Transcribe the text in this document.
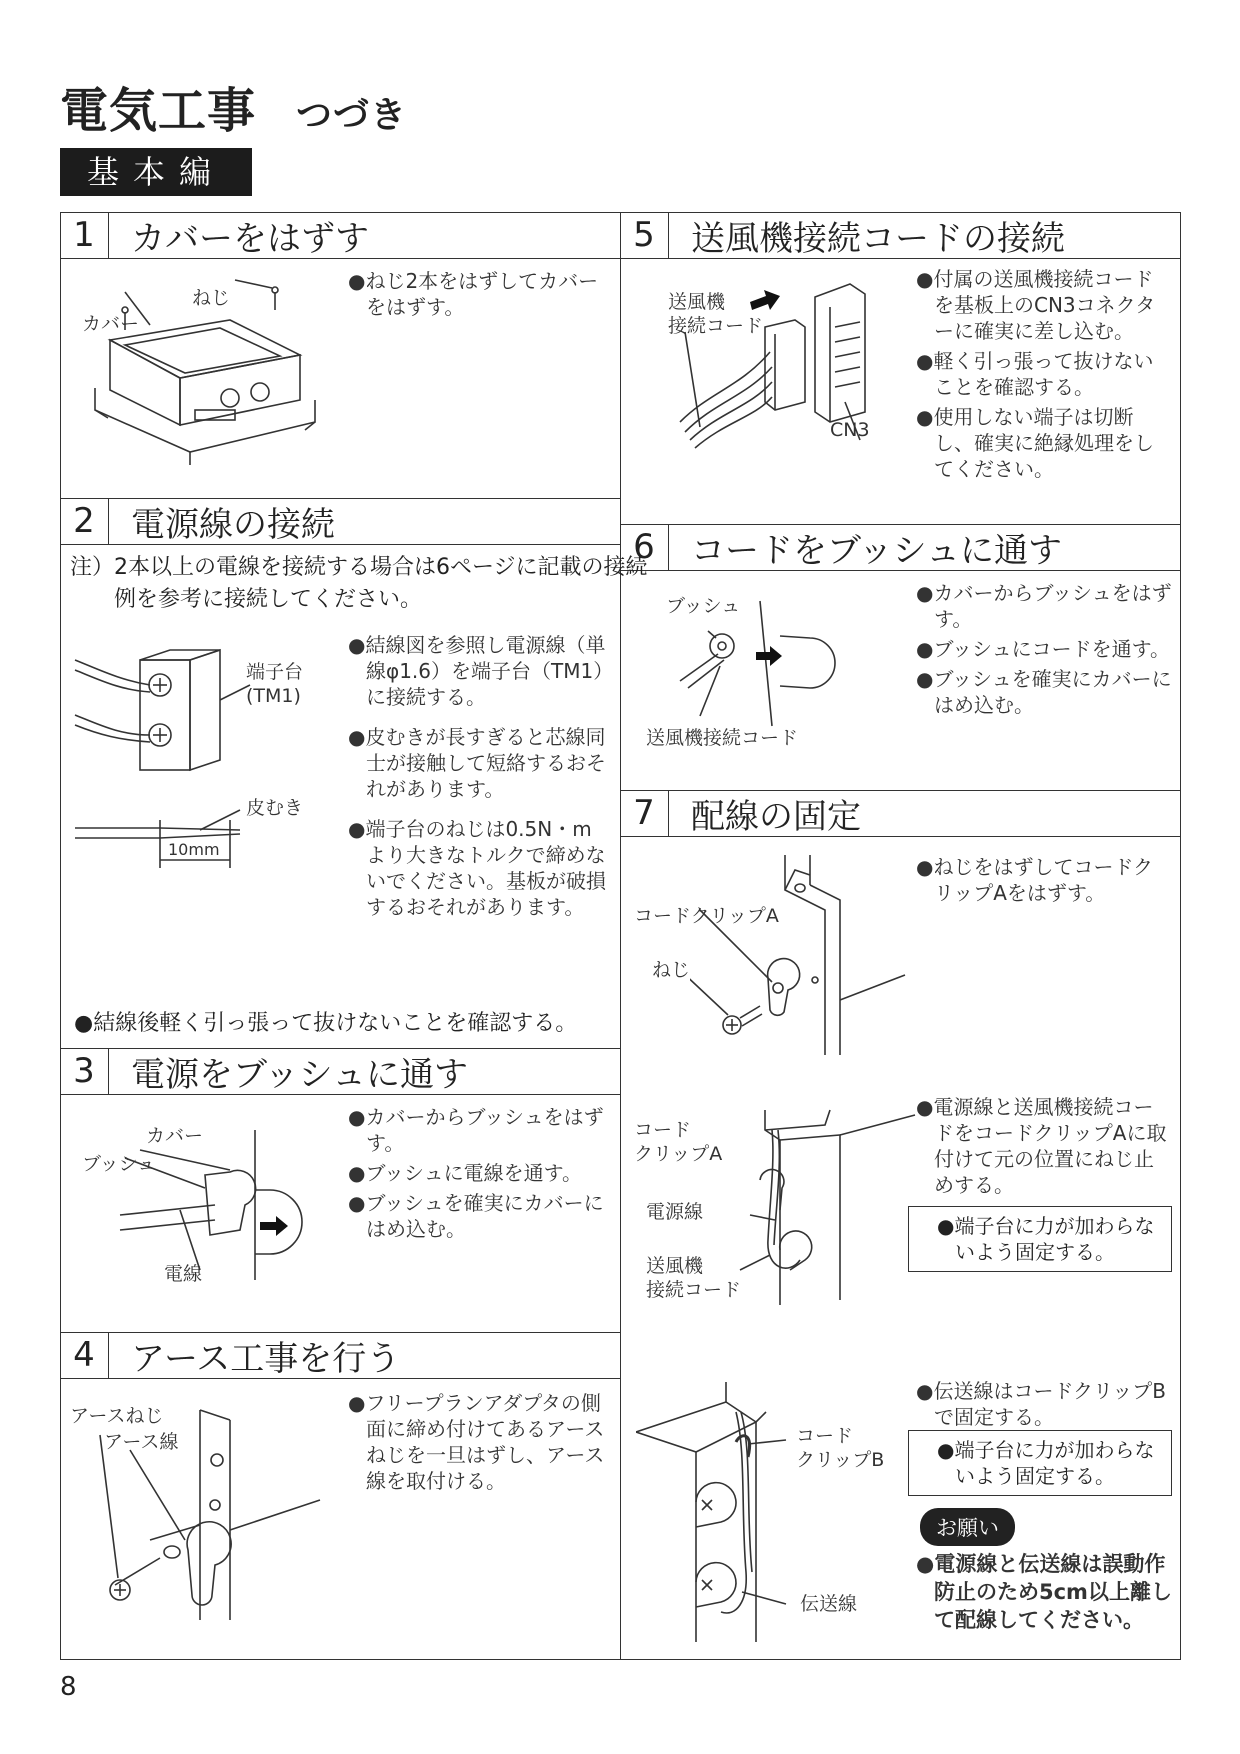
電気工事 つづき
基本編
1	カバーをはずす
2	電源線の接続
3	電源をブッシュに通す
4	アース工事を行う
5	送風機接続コードの接続
6	コードをブッシュに通す
7	配線の固定
ねじ
カバー

●ねじ2本をはずしてカバーをはずす。

注）2本以上の電線を接続する場合は6ページに記載の接続例を参考に接続してください。
端子台
(TM1)
皮むき
10mm

●結線図を参照し電源線（単線φ1.6）を端子台（TM1）に接続する。

●皮むきが長すぎると芯線同士が接触して短絡するおそれがあります。

●端子台のねじは0.5N・mより大きなトルクで締めないでください。基板が破損するおそれがあります。

●結線後軽く引っ張って抜けないことを確認する。
カバー
ブッシュ
電線

●カバーからブッシュをはずす。

●ブッシュに電線を通す。

●ブッシュを確実にカバーにはめ込む。

アースねじ
アース線

●フリープランアダプタの側面に締め付けてあるアースねじを一旦はずし、アース線を取付ける。

送風機
接続コード
CN3

●付属の送風機接続コードを基板上のCN3コネクターに確実に差し込む。

●軽く引っ張って抜けないことを確認する。

●使用しない端子は切断し、確実に絶縁処理をしてください。

ブッシュ
送風機接続コード

●カバーからブッシュをはずす。

●ブッシュにコードを通す。

●ブッシュを確実にカバーにはめ込む。

コードクリップA
ねじ

●ねじをはずしてコードクリップAをはずす。

コード
クリップA
電源線
送風機
接続コード

●電源線と送風機接続コードをコードクリップAに取付けて元の位置にねじ止めする。

●端子台に力が加わらないよう固定する。

コード
クリップB
伝送線

●伝送線はコードクリップBで固定する。

●端子台に力が加わらないよう固定する。

お願い

●電源線と伝送線は誤動作防止のため5cm以上離して配線してください。

8
